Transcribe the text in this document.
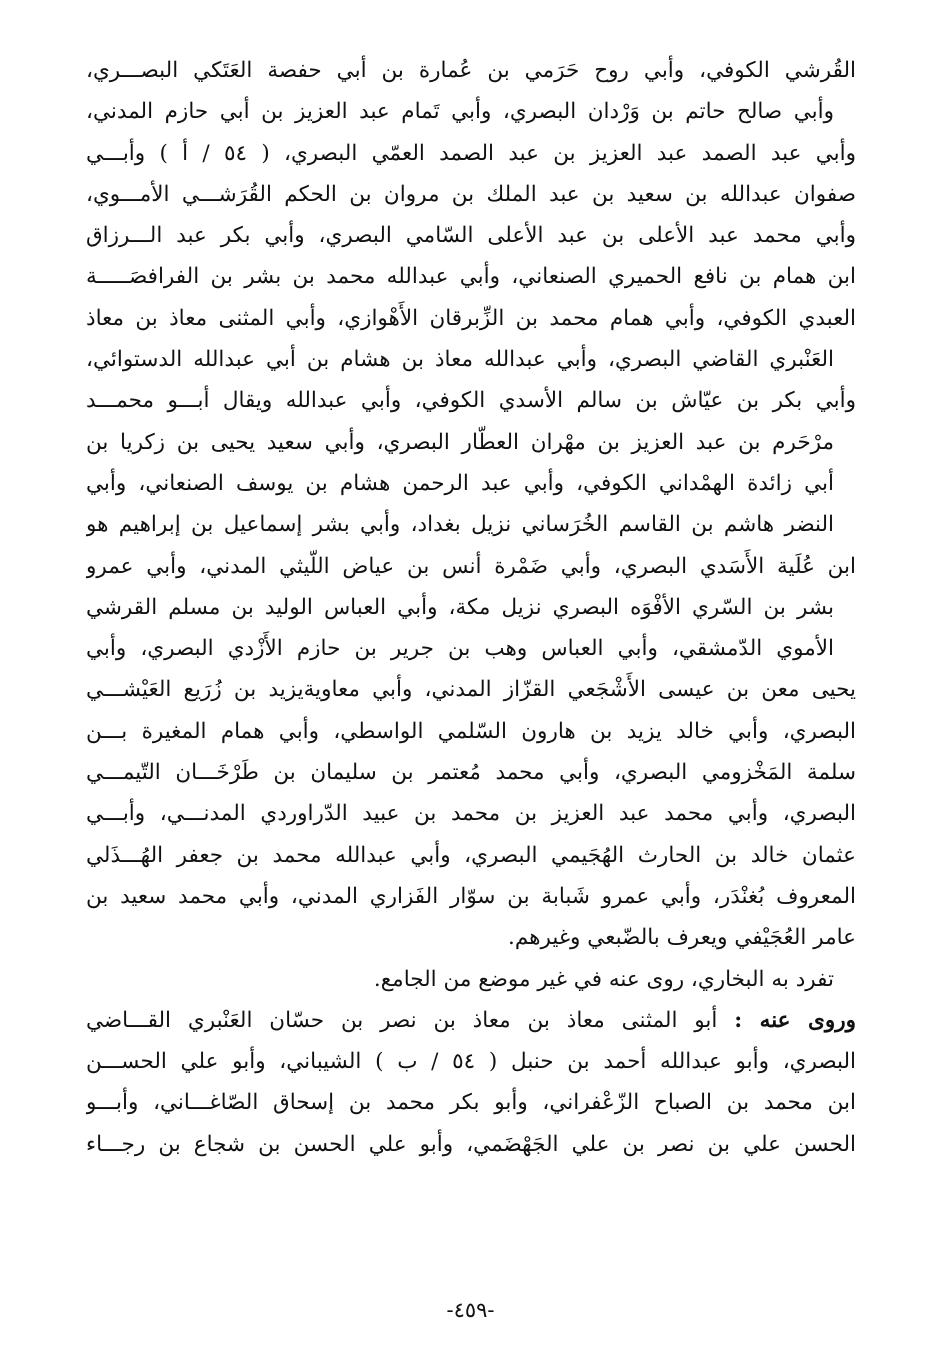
القُرشي الكوفي، وأبي روح حَرَمي بن عُمارة بن أبي حفصة العَتَكي البصـــري،
وأبي صالح حاتم بن وَرْدان البصري، وأبي تَمام عبد العزيز بن أبي حازم المدني،
وأبي عبد الصمد عبد العزيز بن عبد الصمد العمّي البصري، ( ٥٤ / أ ) وأبـــي
صفوان عبدالله بن سعيد بن عبد الملك بن مروان بن الحكم القُرَشـــي الأمـــوي،
وأبي محمد عبد الأعلى بن عبد الأعلى السّامي البصري، وأبي بكر عبد الـــرزاق
ابن همام بن نافع الحميري الصنعاني، وأبي عبدالله محمد بن بشر بن الفرافصَـــــة
العبدي الكوفي، وأبي همام محمد بن الزِّبرقان الأَهْوازي، وأبي المثنى معاذ بن معاذ
العَنْبري القاضي البصري، وأبي عبدالله معاذ بن هشام بن أبي عبدالله الدستوائي،
وأبي بكر بن عيّاش بن سالم الأسدي الكوفي، وأبي عبدالله ويقال أبـــو محمـــد
مرْحَرم بن عبد العزيز بن مهْران العطّار البصري، وأبي سعيد يحيى بن زكريا بن
أبي زائدة الهمْداني الكوفي، وأبي عبد الرحمن هشام بن يوسف الصنعاني، وأبي
النضر هاشم بن القاسم الخُرَساني نزيل بغداد، وأبي بشر إسماعيل بن إبراهيم هو
ابن عُلَية الأَسَدي البصري، وأبي ضَمْرة أنس بن عياض اللّيثي المدني، وأبي عمرو
بشر بن السّري الأفْوَه البصري نزيل مكة، وأبي العباس الوليد بن مسلم القرشي
الأموي الدّمشقي، وأبي العباس وهب بن جرير بن حازم الأَزْدي البصري، وأبي
يحيى معن بن عيسى الأَشْجَعي القزّاز المدني، وأبي معاويةيزيد بن زُرَيع العَيْشـــي
البصري، وأبي خالد يزيد بن هارون السّلمي الواسطي، وأبي همام المغيرة بـــن
سلمة المَخْزومي البصري، وأبي محمد مُعتمر بن سليمان بن طَرْخَـــان التّيمـــي
البصري، وأبي محمد عبد العزيز بن محمد بن عبيد الدّراوردي المدنـــي، وأبـــي
عثمان خالد بن الحارث الهُجَيمي البصري، وأبي عبدالله محمد بن جعفر الهُـــذَلي
المعروف بُغنْدَر، وأبي عمرو شَبابة بن سوّار الفَزاري المدني، وأبي محمد سعيد بن
عامر العُجَيْفي ويعرف بالضّبعي وغيرهم.
تفرد به البخاري، روى عنه في غير موضع من الجامع.
وروى عنه : أبو المثنى معاذ بن معاذ بن نصر بن حسّان العَنْبري القـــاضي
البصري، وأبو عبدالله أحمد بن حنبل ( ٥٤ / ب ) الشيباني، وأبو علي الحســـن
ابن محمد بن الصباح الزّعْفراني، وأبو بكر محمد بن إسحاق الصّاغـــاني، وأبـــو
الحسن علي بن نصر بن علي الجَهْضَمي، وأبو علي الحسن بن شجاع بن رجـــاء
-٤٥٩-
